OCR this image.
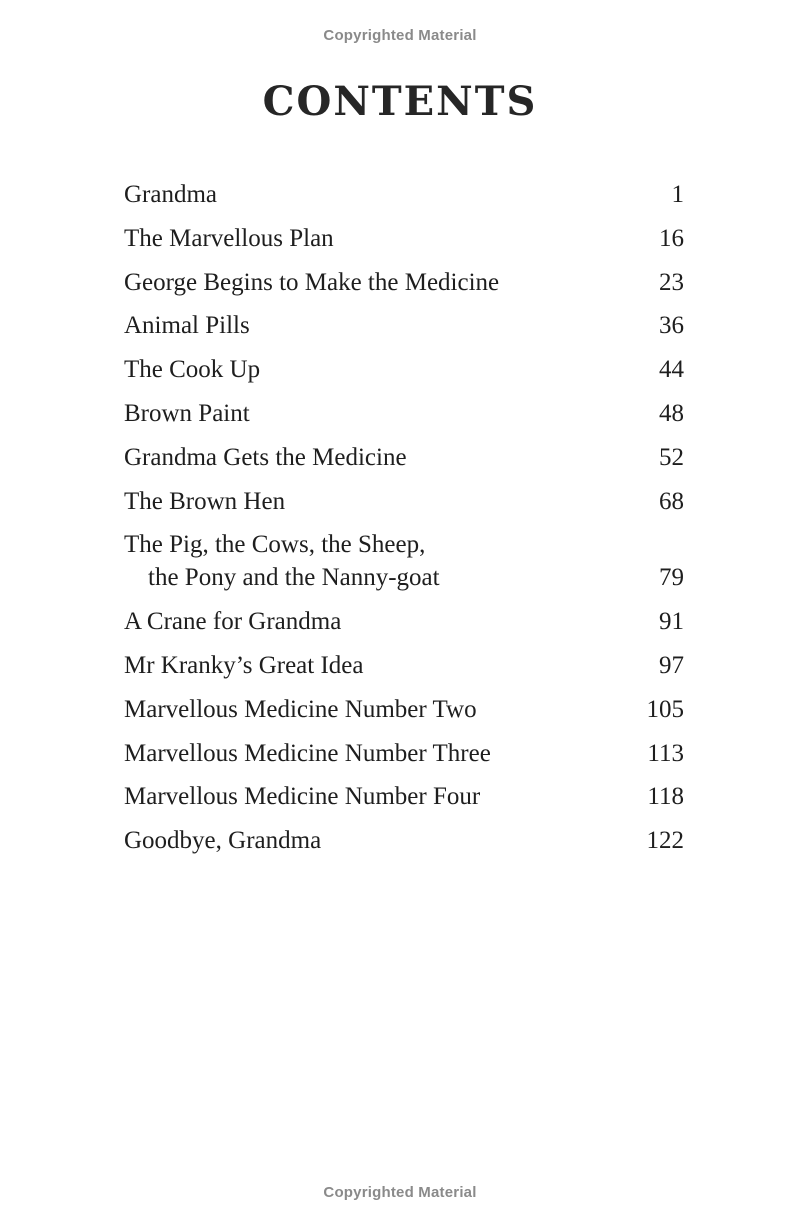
Copyrighted Material
CONTENTS
Grandma	1
The Marvellous Plan	16
George Begins to Make the Medicine	23
Animal Pills	36
The Cook Up	44
Brown Paint	48
Grandma Gets the Medicine	52
The Brown Hen	68
The Pig, the Cows, the Sheep,
the Pony and the Nanny-goat	79
A Crane for Grandma	91
Mr Kranky’s Great Idea	97
Marvellous Medicine Number Two	105
Marvellous Medicine Number Three	113
Marvellous Medicine Number Four	118
Goodbye, Grandma	122
Copyrighted Material
